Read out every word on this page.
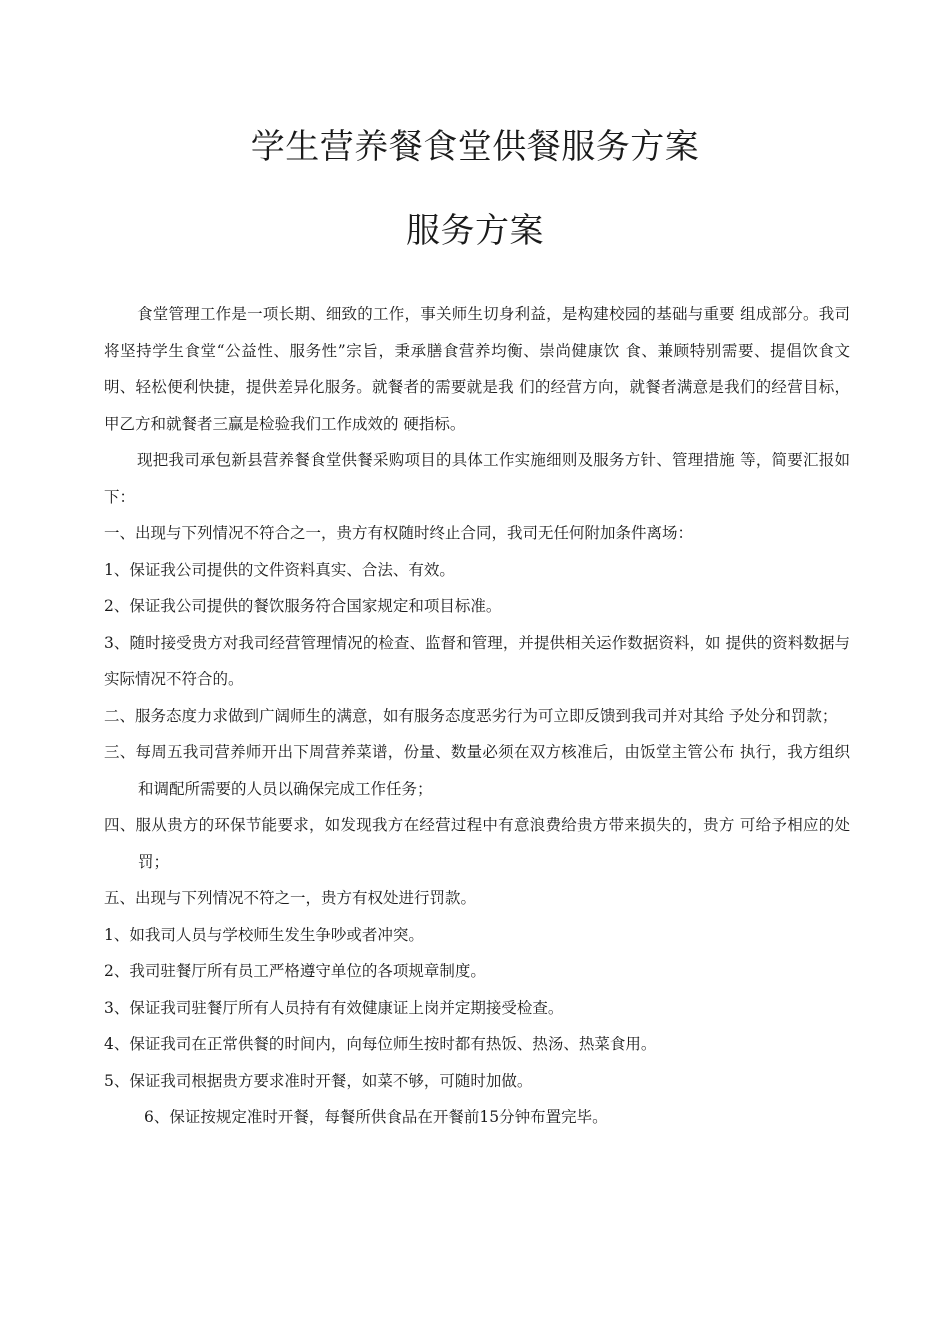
学生营养餐食堂供餐服务方案
服务方案

食堂管理工作是一项长期、细致的工作，事关师生切身利益，是构建校园的基础与重要 组成部分。我司将坚持学生食堂“公益性、服务性”宗旨，秉承膳食营养均衡、崇尚健康饮 食、兼顾特别需要、提倡饮食文明、轻松便利快捷，提供差异化服务。就餐者的需要就是我 们的经营方向，就餐者满意是我们的经营目标，甲乙方和就餐者三赢是检验我们工作成效的 硬指标。

现把我司承包新县营养餐食堂供餐采购项目的具体工作实施细则及服务方针、管理措施 等，简要汇报如下：

一、出现与下列情况不符合之一，贵方有权随时终止合同，我司无任何附加条件离场：

1、保证我公司提供的文件资料真实、合法、有效。

2、保证我公司提供的餐饮服务符合国家规定和项目标准。

3、随时接受贵方对我司经营管理情况的检查、监督和管理，并提供相关运作数据资料，如 提供的资料数据与实际情况不符合的。

二、服务态度力求做到广阔师生的满意，如有服务态度恶劣行为可立即反馈到我司并对其给 予处分和罚款；

三、每周五我司营养师开出下周营养菜谱，份量、数量必须在双方核准后，由饭堂主管公布 执行，我方组织和调配所需要的人员以确保完成工作任务；

四、服从贵方的环保节能要求，如发现我方在经营过程中有意浪费给贵方带来损失的，贵方 可给予相应的处罚；

五、出现与下列情况不符之一，贵方有权处进行罚款。

1、如我司人员与学校师生发生争吵或者冲突。

2、我司驻餐厅所有员工严格遵守单位的各项规章制度。

3、保证我司驻餐厅所有人员持有有效健康证上岗并定期接受检查。

4、保证我司在正常供餐的时间内，向每位师生按时都有热饭、热汤、热菜食用。

5、保证我司根据贵方要求准时开餐，如菜不够，可随时加做。

6、保证按规定准时开餐，每餐所供食品在开餐前15分钟布置完毕。
